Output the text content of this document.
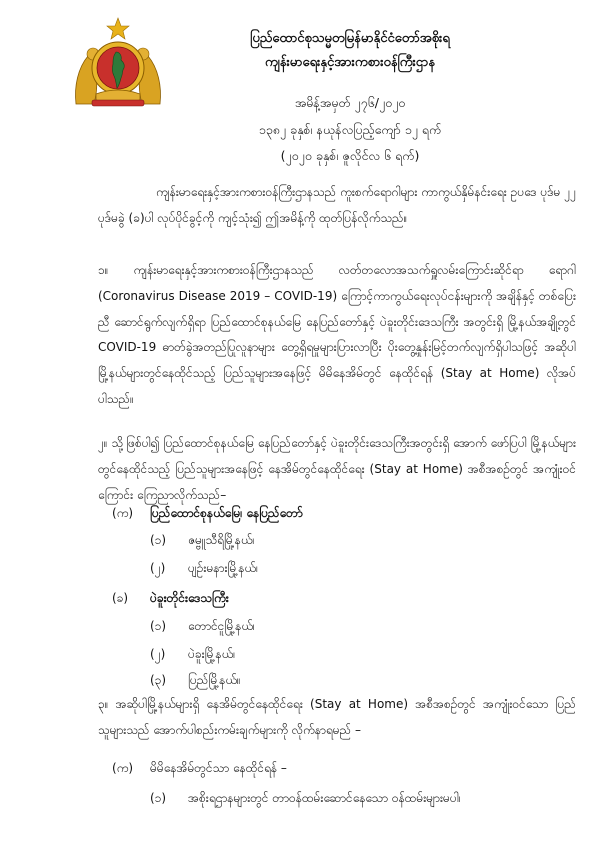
ပြည်ထောင်စုသမ္မတမြန်မာနိုင်ငံတော်အစိုးရ
ကျန်းမာရေးနှင့်အားကစားဝန်ကြီးဌာန
အမိန့်အမှတ် ၂၇၆/၂၀၂၀
၁၃၈၂ ခုနှစ်၊ နယုန်လပြည့်ကျော် ၁၂ ရက်
(၂၀၂၀ ခုနှစ်၊ ဇူလိုင်လ ၆ ရက်)
ကျန်းမာရေးနှင့်အားကစားဝန်ကြီးဌာနသည် ကူးစက်ရောဂါများ ကာကွယ်နှိမ်နင်းရေး ဥပဒေ ပုဒ်မ ၂၂ ပုဒ်မခွဲ (ခ)ပါ လုပ်ပိုင်ခွင့်ကို ကျင့်သုံး၍ ဤအမိန့်ကို ထုတ်ပြန်လိုက်သည်။
၁။ ကျန်းမာရေးနှင့်အားကစားဝန်ကြီးဌာနသည် လတ်တလောအသက်ရှူလမ်းကြောင်းဆိုင်ရာ ရောဂါ (Coronavirus Disease 2019 – COVID-19) ကြောင့်ကာကွယ်ရေးလုပ်ငန်းများကို အချိန်နှင့် တစ်ပြေးညီ ဆောင်ရွက်လျက်ရှိရာ ပြည်ထောင်စုနယ်မြေ နေပြည်တော်နှင့် ပဲခူးတိုင်းဒေသကြီး အတွင်းရှိ မြို့နယ်အချို့တွင် COVID-19 ဓာတ်ခွဲအတည်ပြုလူနာများ တွေ့ရှိရမှုများပြားလာပြီး ပိုးတွေ့နှုန်းမြင့်တက်လျက်ရှိပါသဖြင့် အဆိုပါမြို့နယ်များတွင်နေထိုင်သည့် ပြည်သူများအနေဖြင့် မိမိနေအိမ်တွင် နေထိုင်ရန် (Stay at Home) လိုအပ်ပါသည်။
၂။ သို့ဖြစ်ပါ၍ ပြည်ထောင်စုနယ်မြေ နေပြည်တော်နှင့် ပဲခူးတိုင်းဒေသကြီးအတွင်းရှိ အောက် ဖော်ပြပါ မြို့နယ်များတွင်နေထိုင်သည့် ပြည်သူများအနေဖြင့် နေအိမ်တွင်နေထိုင်ရေး (Stay at Home) အစီအစဉ်တွင် အကျုံးဝင်ကြောင်း ကြေညာလိုက်သည်–
(က) ပြည်ထောင်စုနယ်မြေ၊ နေပြည်တော်
(၁) ဇမ္ဗူသီရိမြို့နယ်၊
(၂) ပျဉ်းမနားမြို့နယ်၊
(ခ) ပဲခူးတိုင်းဒေသကြီး
(၁) တောင်ငူမြို့နယ်၊
(၂) ပဲခူးမြို့နယ်၊
(၃) ပြည်မြို့နယ်။
၃။ အဆိုပါမြို့နယ်များရှိ နေအိမ်တွင်နေထိုင်ရေး (Stay at Home) အစီအစဉ်တွင် အကျုံးဝင်သော ပြည်သူများသည် အောက်ပါစည်းကမ်းချက်များကို လိုက်နာရမည် –
(က) မိမိနေအိမ်တွင်သာ နေထိုင်ရန် –
(၁) အစိုးရဌာနများတွင် တာဝန်ထမ်းဆောင်နေသော ဝန်ထမ်းများမပါ၊
